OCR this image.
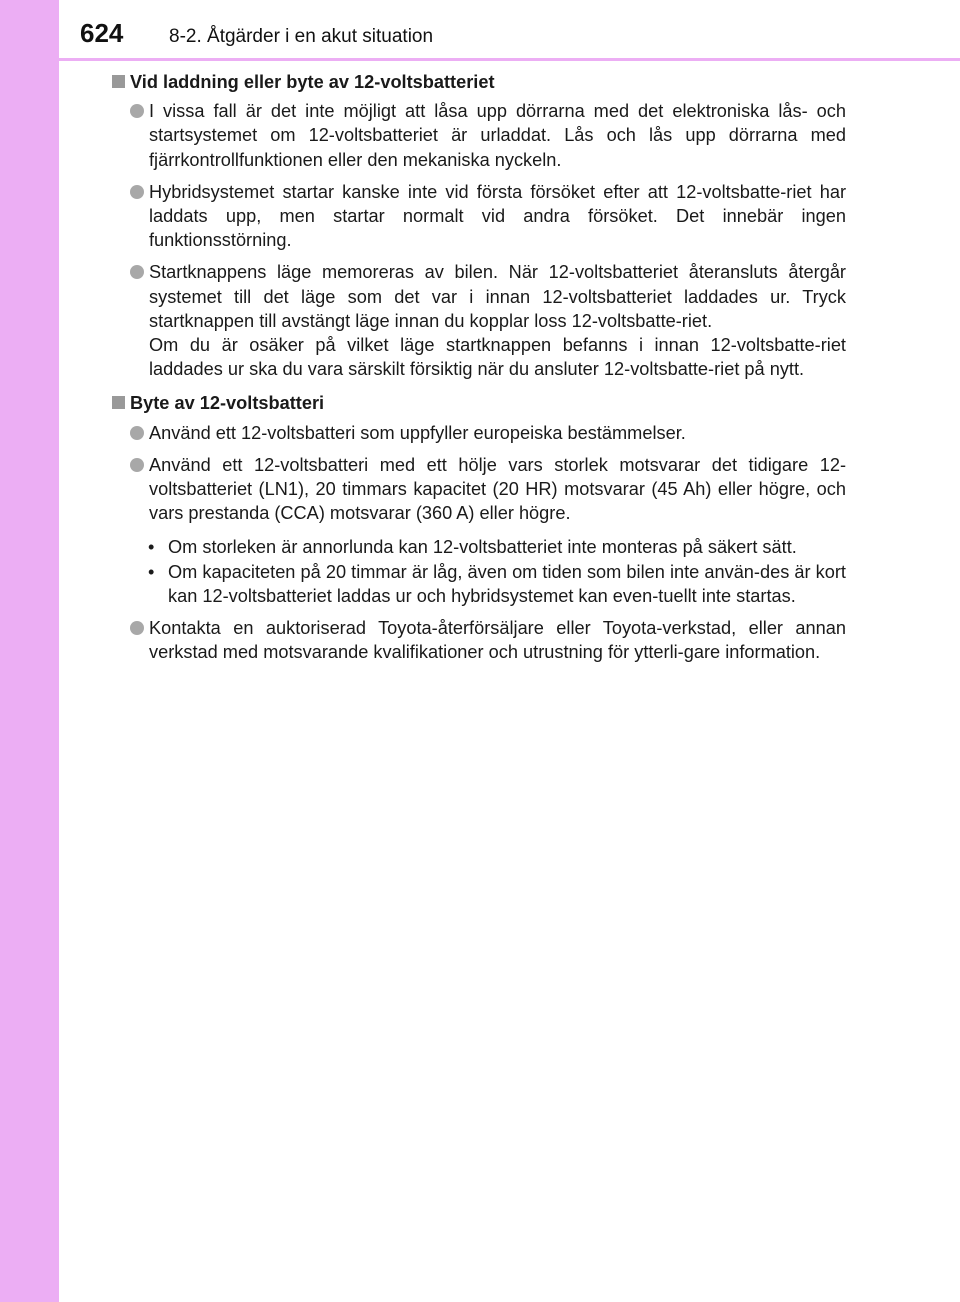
624 8-2. Åtgärder i en akut situation
Vid laddning eller byte av 12-voltsbatteriet

I vissa fall är det inte möjligt att låsa upp dörrarna med det elektroniska lås- och startsystemet om 12-voltsbatteriet är urladdat. Lås och lås upp dörrarna med fjärrkontrollfunktionen eller den mekaniska nyckeln.

Hybridsystemet startar kanske inte vid första försöket efter att 12-voltsbatte-riet har laddats upp, men startar normalt vid andra försöket. Det innebär ingen funktionsstörning.

Startknappens läge memoreras av bilen. När 12-voltsbatteriet återansluts återgår systemet till det läge som det var i innan 12-voltsbatteriet laddades ur. Tryck startknappen till avstängt läge innan du kopplar loss 12-voltsbatte-riet.

Om du är osäker på vilket läge startknappen befanns i innan 12-voltsbatte-riet laddades ur ska du vara särskilt försiktig när du ansluter 12-voltsbatte-riet på nytt.

Byte av 12-voltsbatteri

Använd ett 12-voltsbatteri som uppfyller europeiska bestämmelser.

Använd ett 12-voltsbatteri med ett hölje vars storlek motsvarar det tidigare 12-voltsbatteriet (LN1), 20 timmars kapacitet (20 HR) motsvarar (45 Ah) eller högre, och vars prestanda (CCA) motsvarar (360 A) eller högre.

• Om storleken är annorlunda kan 12-voltsbatteriet inte monteras på säkert sätt.
• Om kapaciteten på 20 timmar är låg, även om tiden som bilen inte använ-des är kort kan 12-voltsbatteriet laddas ur och hybridsystemet kan even-tuellt inte startas.

Kontakta en auktoriserad Toyota-återförsäljare eller Toyota-verkstad, eller annan verkstad med motsvarande kvalifikationer och utrustning för ytterli-gare information.
